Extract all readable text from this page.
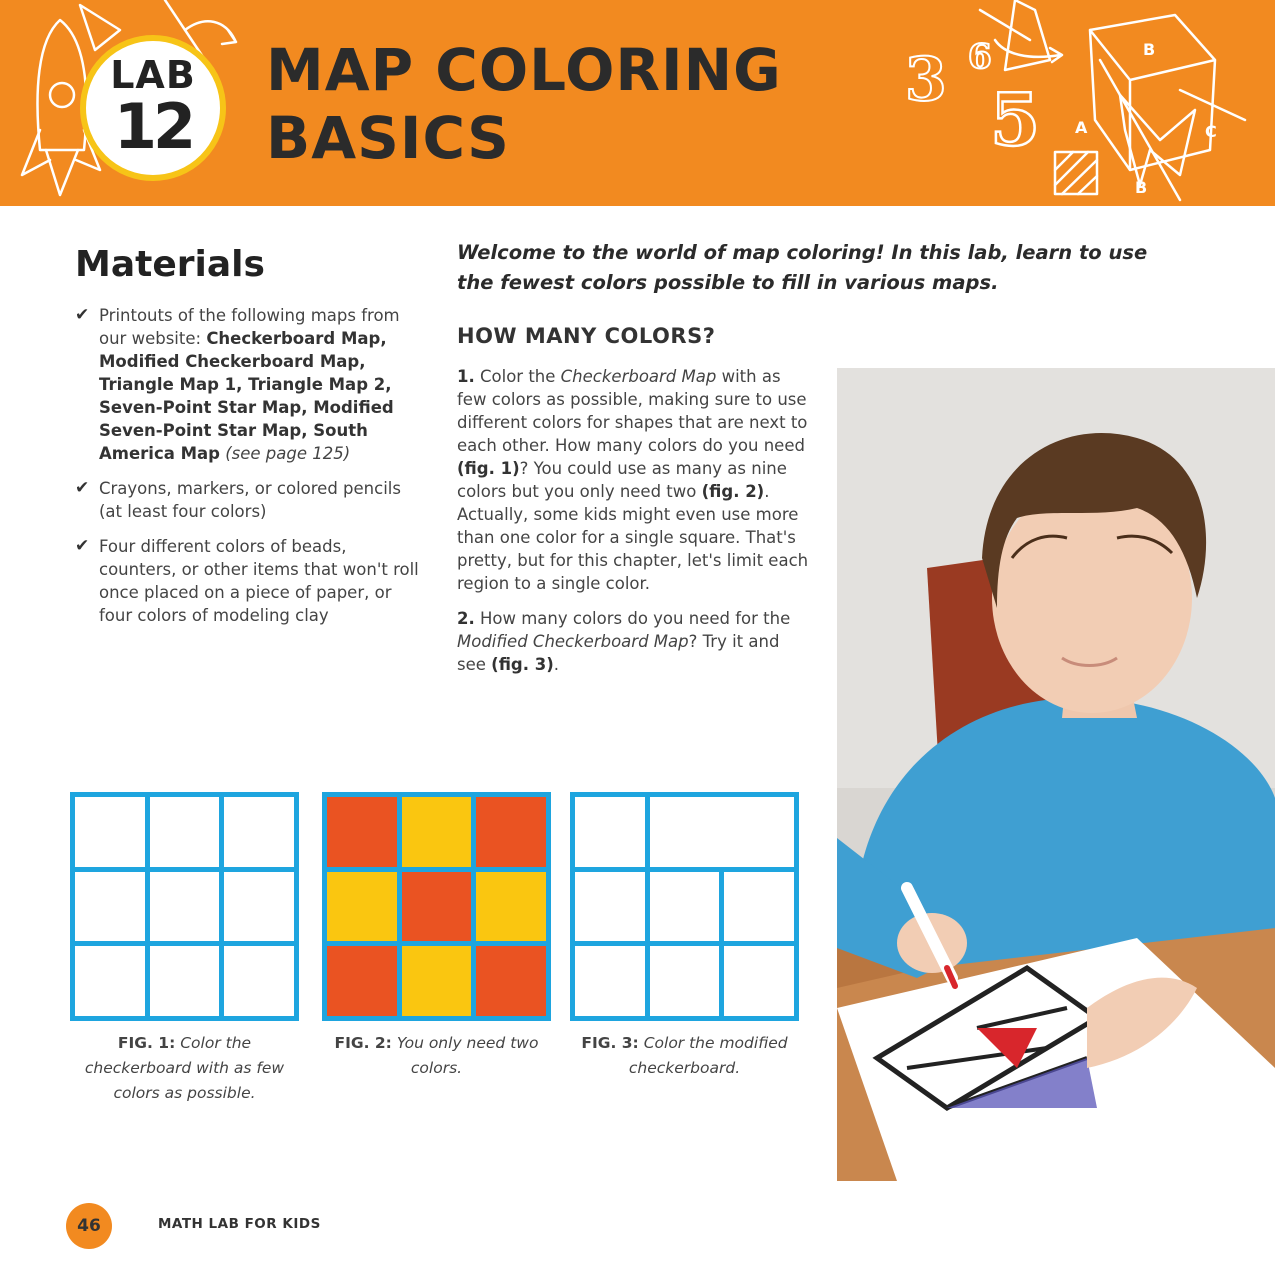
3 6
5
B
A	C
B
LAB
12
MAP COLORING
BASICS
Materials
✔ Printouts of the following maps from our website: Checkerboard Map, Modified Checkerboard Map, Triangle Map 1, Triangle Map 2, Seven-Point Star Map, Modified Seven-Point Star Map, South America Map (see page 125)
✔ Crayons, markers, or colored pencils (at least four colors)
✔ Four different colors of beads, counters, or other items that won't roll once placed on a piece of paper, or four colors of modeling clay

Welcome to the world of map coloring! In this lab, learn to use the fewest colors possible to fill in various maps.

HOW MANY COLORS?

1. Color the Checkerboard Map with as few colors as possible, making sure to use different colors for shapes that are next to each other. How many colors do you need (fig. 1)? You could use as many as nine colors but you only need two (fig. 2). Actually, some kids might even use more than one color for a single square. That's pretty, but for this chapter, let's limit each region to a single color.

2. How many colors do you need for the Modified Checkerboard Map? Try it and see (fig. 3).

FIG. 1: Color the checkerboard with as few colors as possible.
FIG. 2: You only need two colors.
FIG. 3: Color the modified checkerboard.
46	MATH LAB FOR KIDS
